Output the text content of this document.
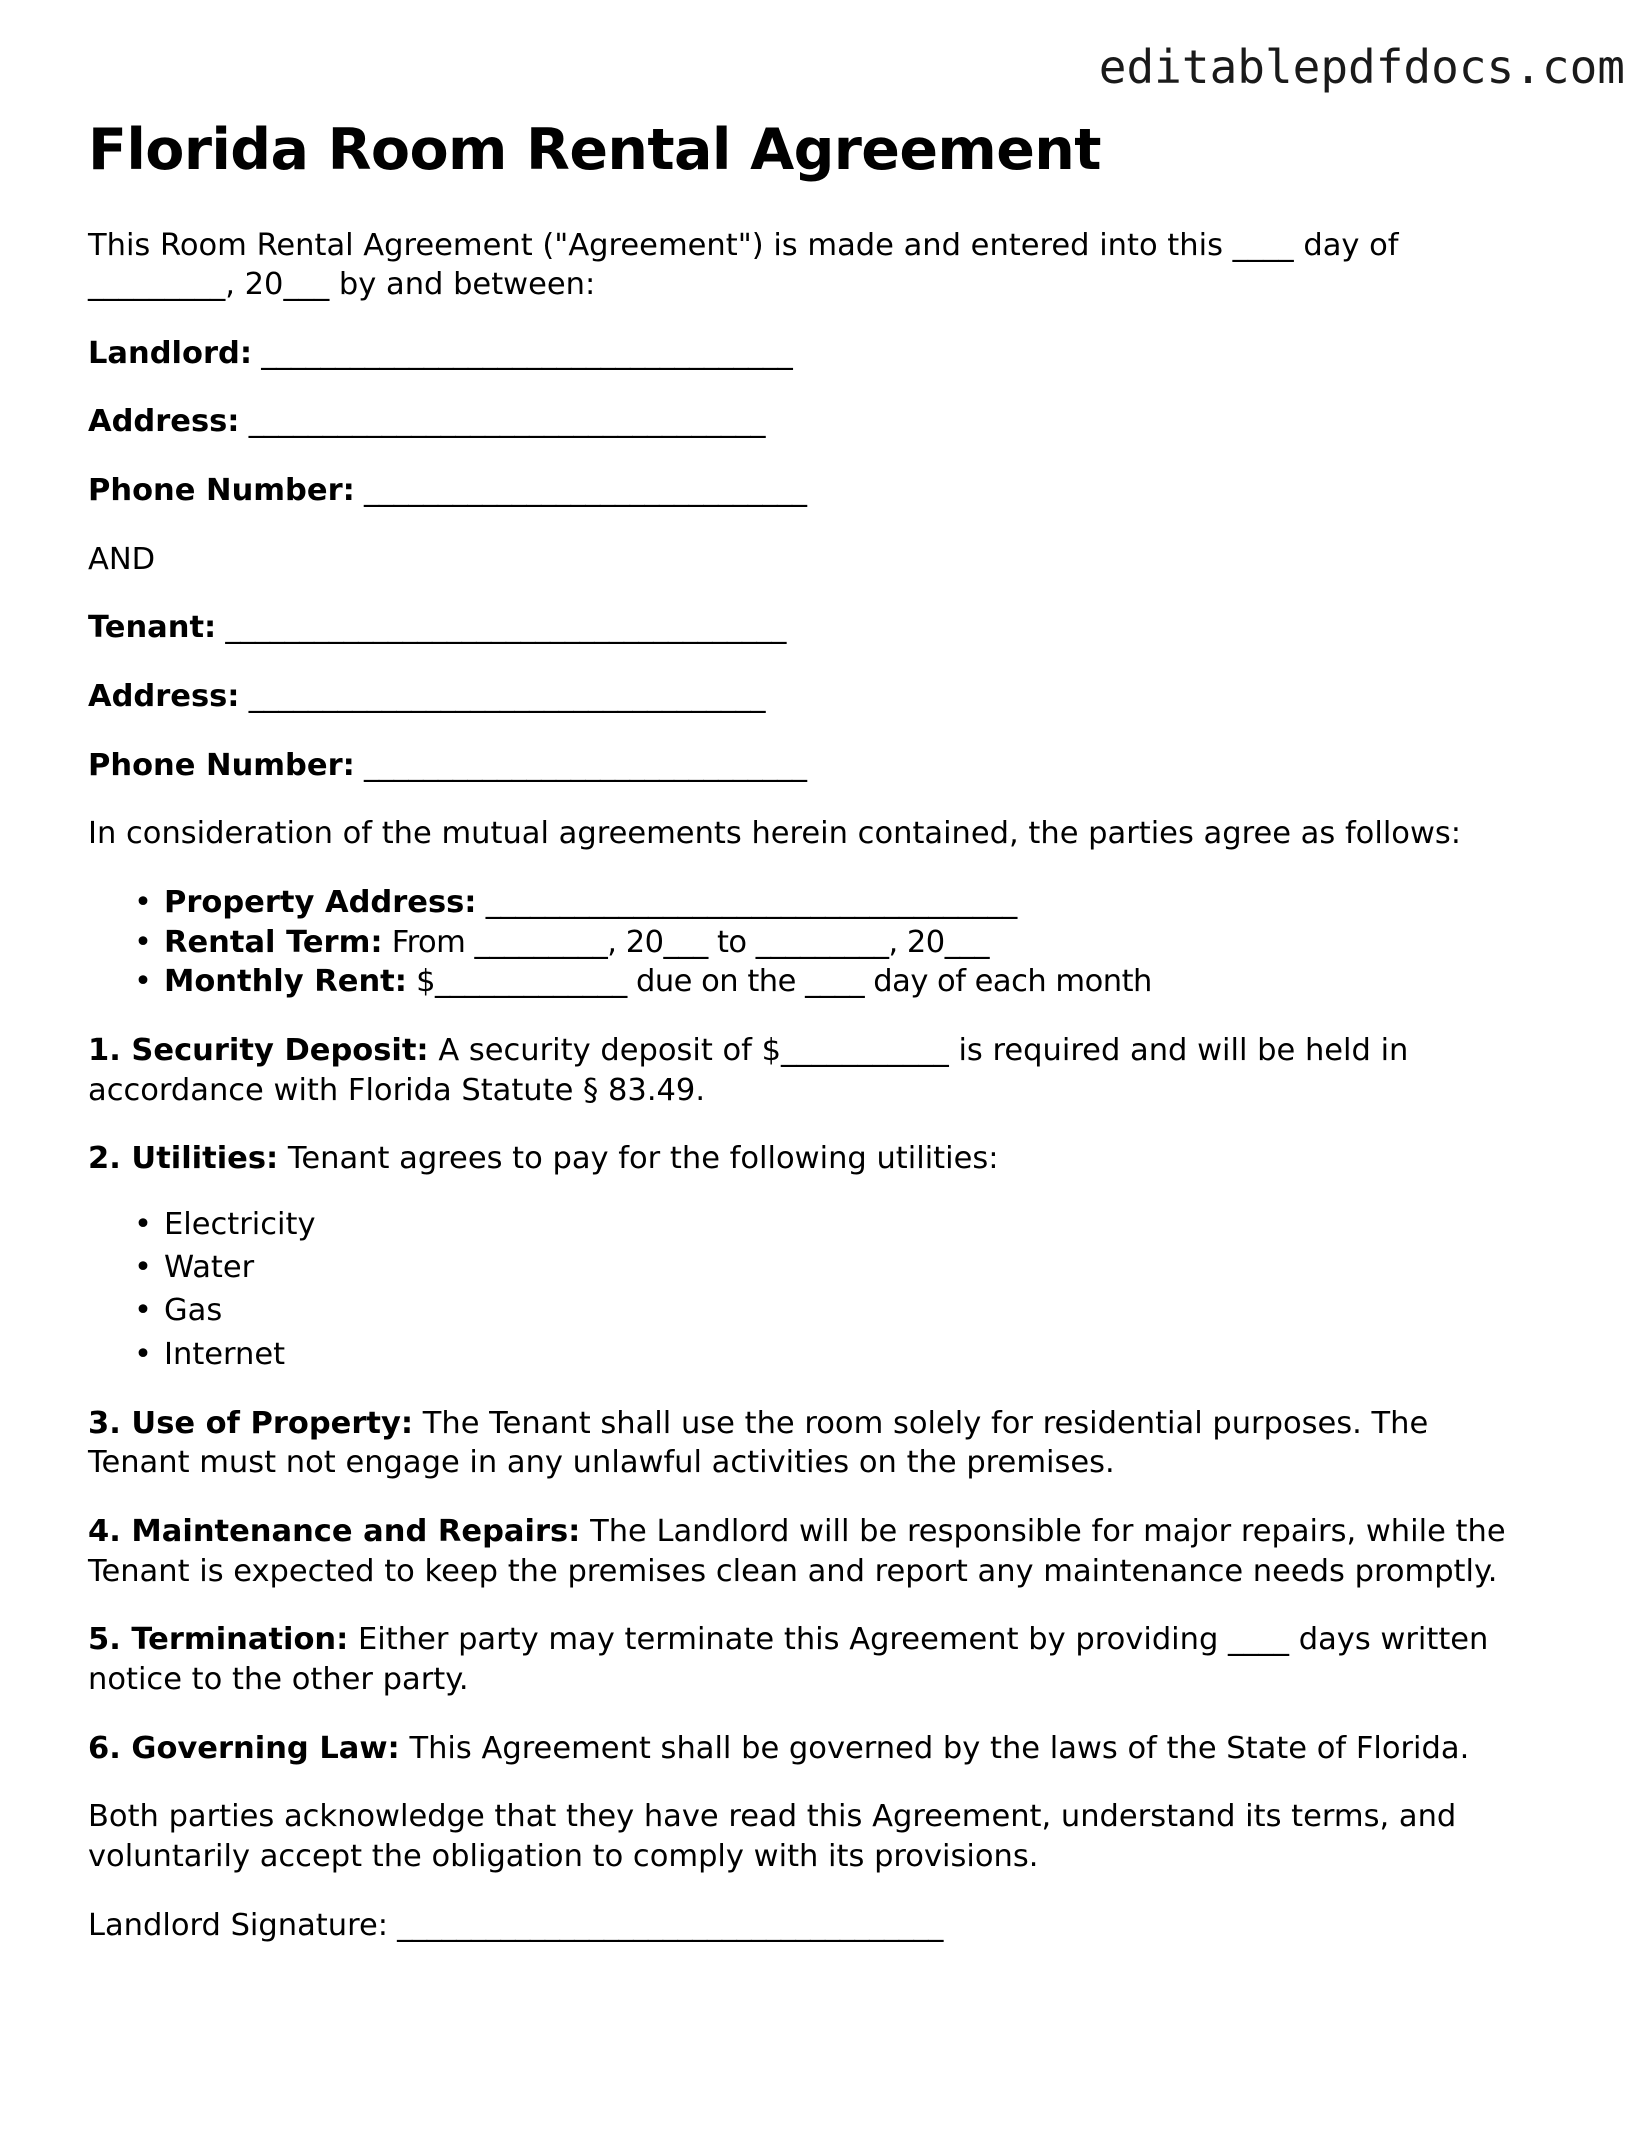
editablepdfdocs.com
Florida Room Rental Agreement

This Room Rental Agreement ("Agreement") is made and entered into this ____ day of _________, 20___ by and between:

Landlord: ____________________________________

Address: ___________________________________

Phone Number: ______________________________

AND

Tenant: ______________________________________

Address: ___________________________________

Phone Number: ______________________________

In consideration of the mutual agreements herein contained, the parties agree as follows:

• Property Address: ____________________________________
• Rental Term: From _________, 20___ to _________, 20___
• Monthly Rent: $_____________ due on the ____ day of each month

1. Security Deposit: A security deposit of $___________ is required and will be held in accordance with Florida Statute § 83.49.

2. Utilities: Tenant agrees to pay for the following utilities:

• Electricity
• Water
• Gas
• Internet

3. Use of Property: The Tenant shall use the room solely for residential purposes. The Tenant must not engage in any unlawful activities on the premises.

4. Maintenance and Repairs: The Landlord will be responsible for major repairs, while the Tenant is expected to keep the premises clean and report any maintenance needs promptly.

5. Termination: Either party may terminate this Agreement by providing ____ days written notice to the other party.

6. Governing Law: This Agreement shall be governed by the laws of the State of Florida.

Both parties acknowledge that they have read this Agreement, understand its terms, and voluntarily accept the obligation to comply with its provisions.

Landlord Signature: _____________________________________
